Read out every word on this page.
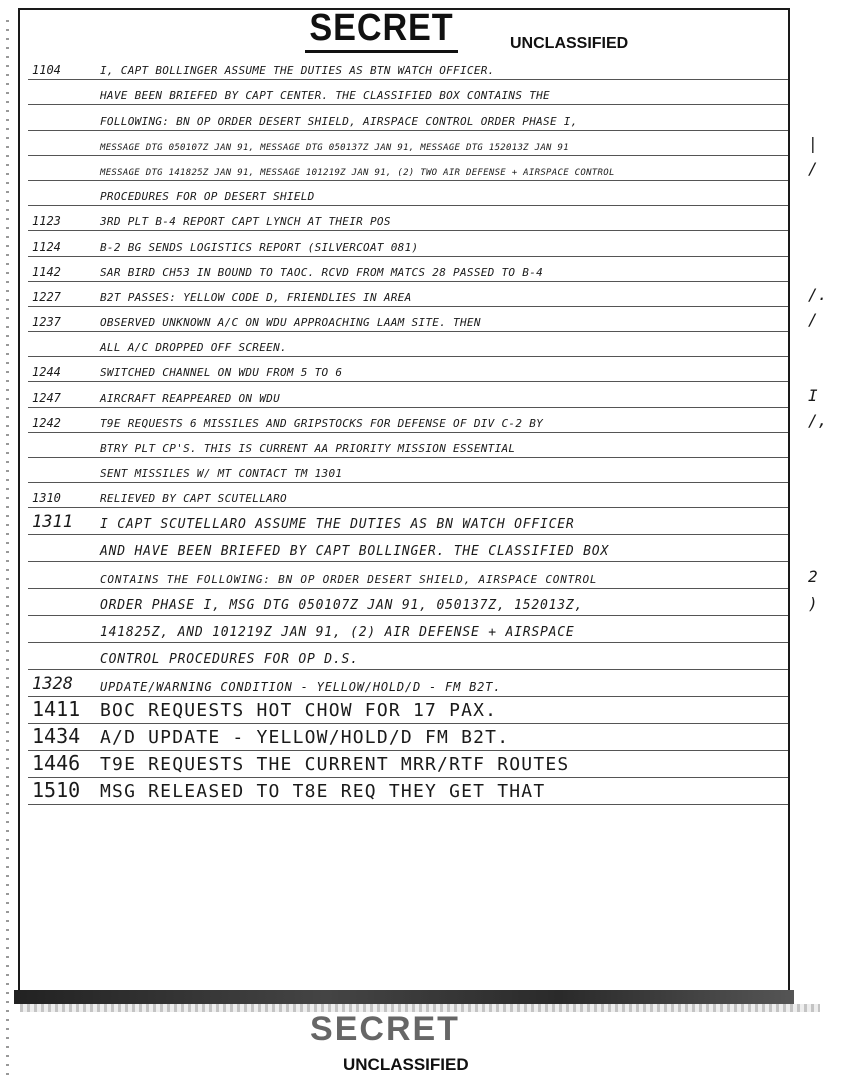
SECRET	UNCLASSIFIED
1104	I, CAPT BOLLINGER ASSUME THE DUTIES AS BTN WATCH OFFICER.
HAVE BEEN BRIEFED BY CAPT CENTER. THE CLASSIFIED BOX CONTAINS THE
FOLLOWING: BN OP ORDER DESERT SHIELD, AIRSPACE CONTROL ORDER PHASE I,
MESSAGE DTG 050107Z JAN 91, MESSAGE DTG 050137Z JAN 91, MESSAGE DTG 152013Z JAN 91	|
MESSAGE DTG 141825Z JAN 91, MESSAGE 101219Z JAN 91, (2) TWO AIR DEFENSE + AIRSPACE CONTROL	/
PROCEDURES FOR OP DESERT SHIELD
1123	3RD PLT B-4 REPORT CAPT LYNCH AT THEIR POS
1124	B-2 BG SENDS LOGISTICS REPORT (SILVERCOAT 081)
1142	SAR BIRD CH53 IN BOUND TO TAOC. RCVD FROM MATCS 28 PASSED TO B-4
1227	B2T PASSES: YELLOW CODE D, FRIENDLIES IN AREA	/.
1237	OBSERVED UNKNOWN A/C ON WDU APPROACHING LAAM SITE. THEN	/
ALL A/C DROPPED OFF SCREEN.
1244	SWITCHED CHANNEL ON WDU FROM 5 TO 6
1247	AIRCRAFT REAPPEARED ON WDU	I
1242	T9E REQUESTS 6 MISSILES AND GRIPSTOCKS FOR DEFENSE OF DIV C-2 BY	/,
BTRY PLT CP'S. THIS IS CURRENT AA PRIORITY MISSION ESSENTIAL
SENT MISSILES W/ MT CONTACT TM 1301
1310	RELIEVED BY CAPT SCUTELLARO
1311 I CAPT SCUTELLARO ASSUME THE DUTIES AS BN WATCH OFFICER
AND HAVE BEEN BRIEFED BY CAPT BOLLINGER. THE CLASSIFIED BOX
CONTAINS THE FOLLOWING: BN OP ORDER DESERT SHIELD, AIRSPACE CONTROL	2
ORDER PHASE I, MSG DTG 050107Z JAN 91, 050137Z, 152013Z,	)
141825Z, AND 101219Z JAN 91, (2) AIR DEFENSE + AIRSPACE
CONTROL PROCEDURES FOR OP D.S.
1328 UPDATE/WARNING CONDITION - YELLOW/HOLD/D - FM B2T.
1411 BOC REQUESTS HOT CHOW FOR 17 PAX.
1434 A/D UPDATE - YELLOW/HOLD/D FM B2T.
1446 T9E REQUESTS THE CURRENT MRR/RTF ROUTES
1510 MSG RELEASED TO T8E REQ THEY GET THAT
SECRET
UNCLASSIFIED
